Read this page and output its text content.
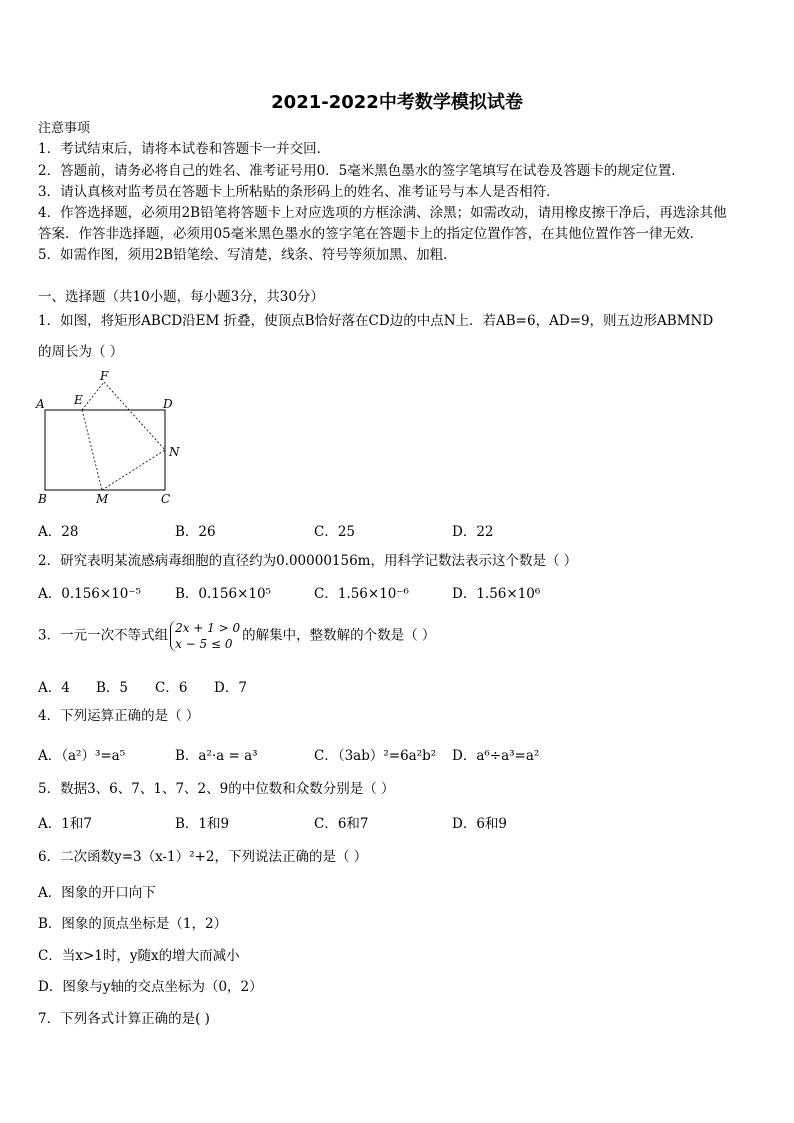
2021-2022中考数学模拟试卷
注意事项
1．考试结束后，请将本试卷和答题卡一并交回．
2．答题前，请务必将自己的姓名、准考证号用0．5毫米黑色墨水的签字笔填写在试卷及答题卡的规定位置．
3．请认真核对监考员在答题卡上所粘贴的条形码上的姓名、准考证号与本人是否相符．
4．作答选择题，必须用2B铅笔将答题卡上对应选项的方框涂满、涂黑；如需改动，请用橡皮擦干净后，再选涂其他
答案．作答非选择题，必须用05毫米黑色墨水的签字笔在答题卡上的指定位置作答，在其他位置作答一律无效．
5．如需作图，须用2B铅笔绘、写清楚，线条、符号等须加黑、加粗．
一、选择题（共10小题，每小题3分，共30分）
1．如图，将矩形ABCD沿EM 折叠，使顶点B恰好落在CD边的中点N上．若AB=6，AD=9，则五边形ABMND
的周长为（ ）
A E
F
D
N
B	M	C
A．28	B．26	C．25	D．22
2．研究表明某流感病毒细胞的直径约为0.00000156m，用科学记数法表示这个数是（ ）
A．0.156×10⁻⁵	B．0.156×10⁵	C．1.56×10⁻⁶	D．1.56×10⁶
3．一元一次不等式组 2𝑥 + 1 > 0
𝑥 − 5 ≤ 0
的解集中，整数解的个数是（ ）
A．4 B．5 C．6 D．7
4．下列运算正确的是（ ）
A．（a²）³=a⁵	B．a²·a = a³	C．（3ab）²=6a²b² D．a⁶÷a³=a²
5．数据3、6、7、1、7、2、9的中位数和众数分别是（ ）
A．1和7	B．1和9	C．6和7	D．6和9
6．二次函数y=3（x-1）²+2，下列说法正确的是（ ）
A．图象的开口向下
B．图象的顶点坐标是（1，2）
C．当x>1时，y随x的增大而减小
D．图象与y轴的交点坐标为（0，2）
7．下列各式计算正确的是( )
